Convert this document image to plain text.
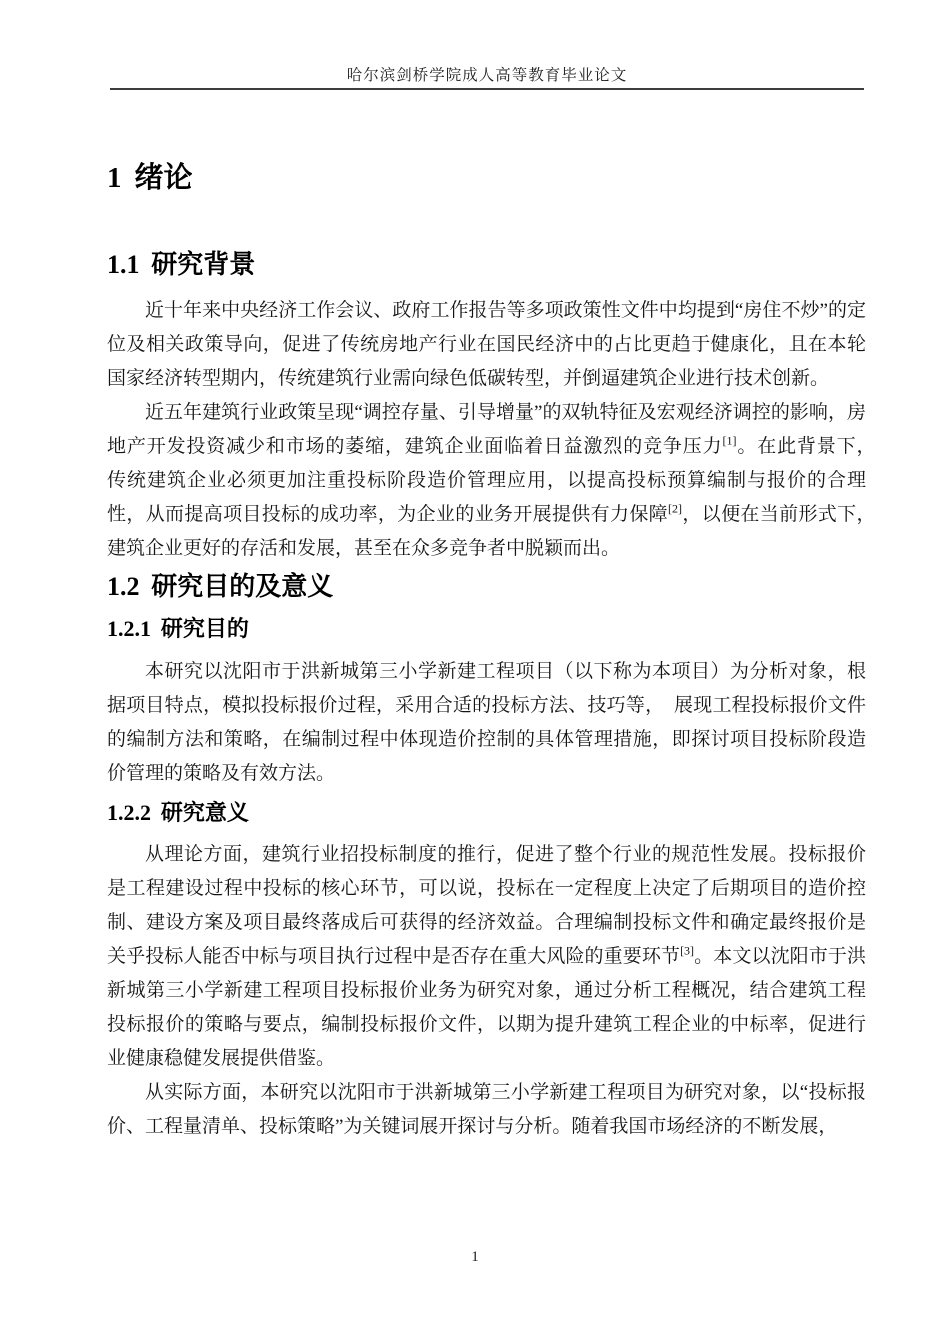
哈尔滨剑桥学院成人高等教育毕业论文
1 绪论
1.1 研究背景

近十年来中央经济工作会议、政府工作报告等多项政策性文件中均提到“房住不炒”的定位及相关政策导向，促进了传统房地产行业在国民经济中的占比更趋于健康化，且在本轮国家经济转型期内，传统建筑行业需向绿色低碳转型，并倒逼建筑企业进行技术创新。

近五年建筑行业政策呈现“调控存量、引导增量”的双轨特征及宏观经济调控的影响，房地产开发投资减少和市场的萎缩，建筑企业面临着日益激烈的竞争压力[1]。在此背景下，　传统建筑企业必须更加注重投标阶段造价管理应用，以提高投标预算编制与报价的合理 性，从而提高项目投标的成功率，为企业的业务开展提供有力保障[2]，以便在当前形式下，　建筑企业更好的存活和发展，甚至在众多竞争者中脱颖而出。

1.2 研究目的及意义
1.2.1 研究目的

本研究以沈阳市于洪新城第三小学新建工程项目（以下称为本项目）为分析对象，根据项目特点，模拟投标报价过程，采用合适的投标方法、技巧等，　展现工程投标报价文件 的编制方法和策略，在编制过程中体现造价控制的具体管理措施，即探讨项目投标阶段造 价管理的策略及有效方法。

1.2.2 研究意义

从理论方面，建筑行业招投标制度的推行，促进了整个行业的规范性发展。投标报价是工程建设过程中投标的核心环节，可以说，投标在一定程度上决定了后期项目的造价控制、建设方案及项目最终落成后可获得的经济效益。合理编制投标文件和确定最终报价是关乎投标人能否中标与项目执行过程中是否存在重大风险的重要环节[3]。本文以沈阳市于洪新城第三小学新建工程项目投标报价业务为研究对象，通过分析工程概况，结合建筑工程投标报价的策略与要点，编制投标报价文件，以期为提升建筑工程企业的中标率，促进行业健康稳健发展提供借鉴。

从实际方面，本研究以沈阳市于洪新城第三小学新建工程项目为研究对象，以“投标报价、工程量清单、投标策略”为关键词展开探讨与分析。随着我国市场经济的不断发展，

1
